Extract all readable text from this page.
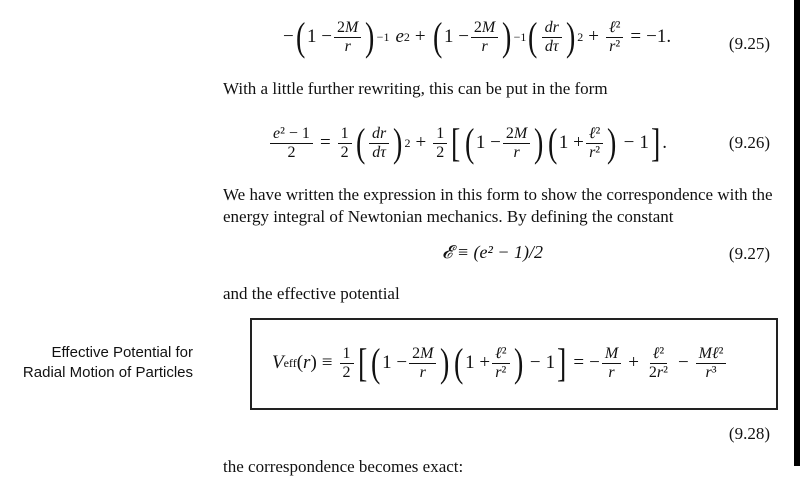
− ( $1 - \frac{2M}{r}$ ) −1 e 2 + ( $1 - \frac{2M}{r}$ ) −1 ( $\frac{dr}{d\tau}$ ) $2 + \frac{\text{ℓ²}}{\text{r²}} = -1$.	(9.25)
With a little further rewriting, this can be put in the form
$\frac{\text{e² − 1}}{2} = \frac{1}{2}$ ( $\frac{dr}{d\tau}$ ) $2 + \frac{1}{2}$ [ ( $1 - \frac{2M}{r}$ ) ( $1 + \frac{\text{ℓ²}}{\text{r²}}$ ) − 1 ] .	(9.26)
We have written the expression in this form to show the correspondence with the
energy integral of Newtonian mechanics. By defining the constant
𝓔 ≡ (e² − 1)/2	(9.27)
and the effective potential
Effective Potential for
Radial Motion of Particles	V eff $(r) \equiv \frac{1}{2}$ [ ( $1 - \frac{2M}{r}$ ) ( $1 + \frac{\text{ℓ²}}{\text{r²}}$ ) − 1 ] = − $\frac{M}{r} + \frac{\text{ℓ²}}{\text{2r²}} - \frac{\text{Mℓ²}}{\text{r³}}$
(9.28)
the correspondence becomes exact:
